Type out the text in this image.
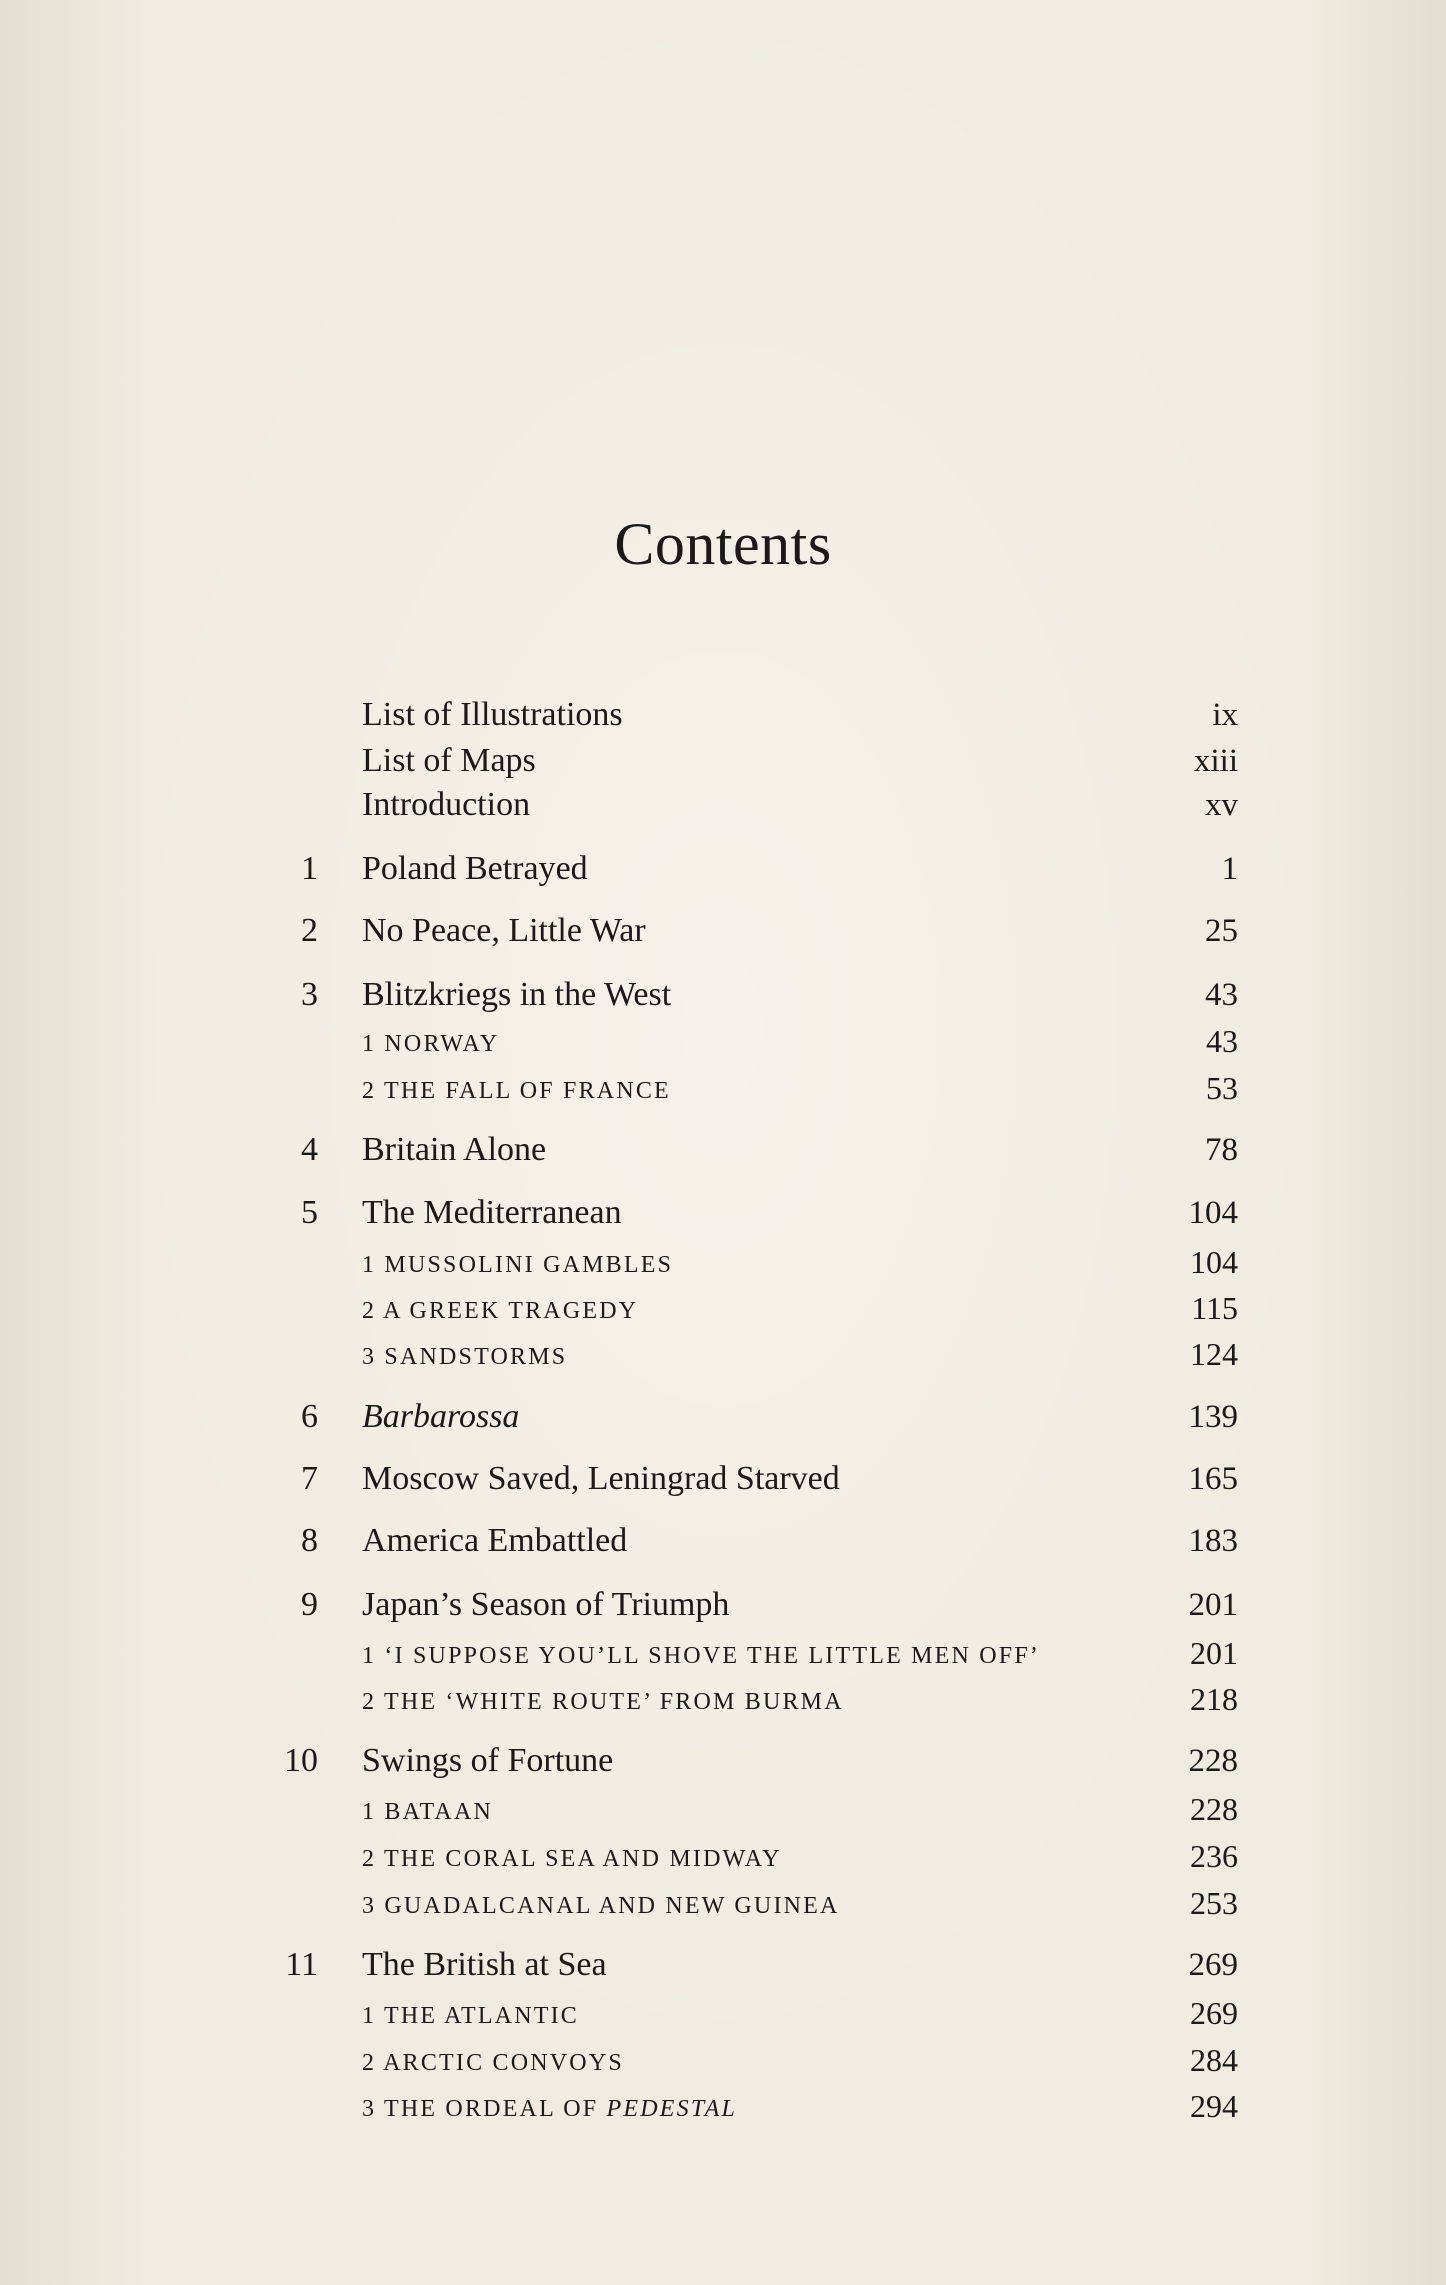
Contents
List of Illustrations	ix
List of Maps	xiii
Introduction	xv
1 Poland Betrayed	1
2 No Peace, Little War	25
3 Blitzkriegs in the West	43
1 NORWAY	43
2 THE FALL OF FRANCE	53
4 Britain Alone	78
5 The Mediterranean	104
1 MUSSOLINI GAMBLES	104
2 A GREEK TRAGEDY	115
3 SANDSTORMS	124
6 Barbarossa	139
7 Moscow Saved, Leningrad Starved	165
8 America Embattled	183
9 Japan’s Season of Triumph	201
1 ‘I SUPPOSE YOU’LL SHOVE THE LITTLE MEN OFF’	201
2 THE ‘WHITE ROUTE’ FROM BURMA	218
10 Swings of Fortune	228
1 BATAAN	228
2 THE CORAL SEA AND MIDWAY	236
3 GUADALCANAL AND NEW GUINEA	253
11 The British at Sea	269
1 THE ATLANTIC	269
2 ARCTIC CONVOYS	284
3 THE ORDEAL OF PEDESTAL	294
